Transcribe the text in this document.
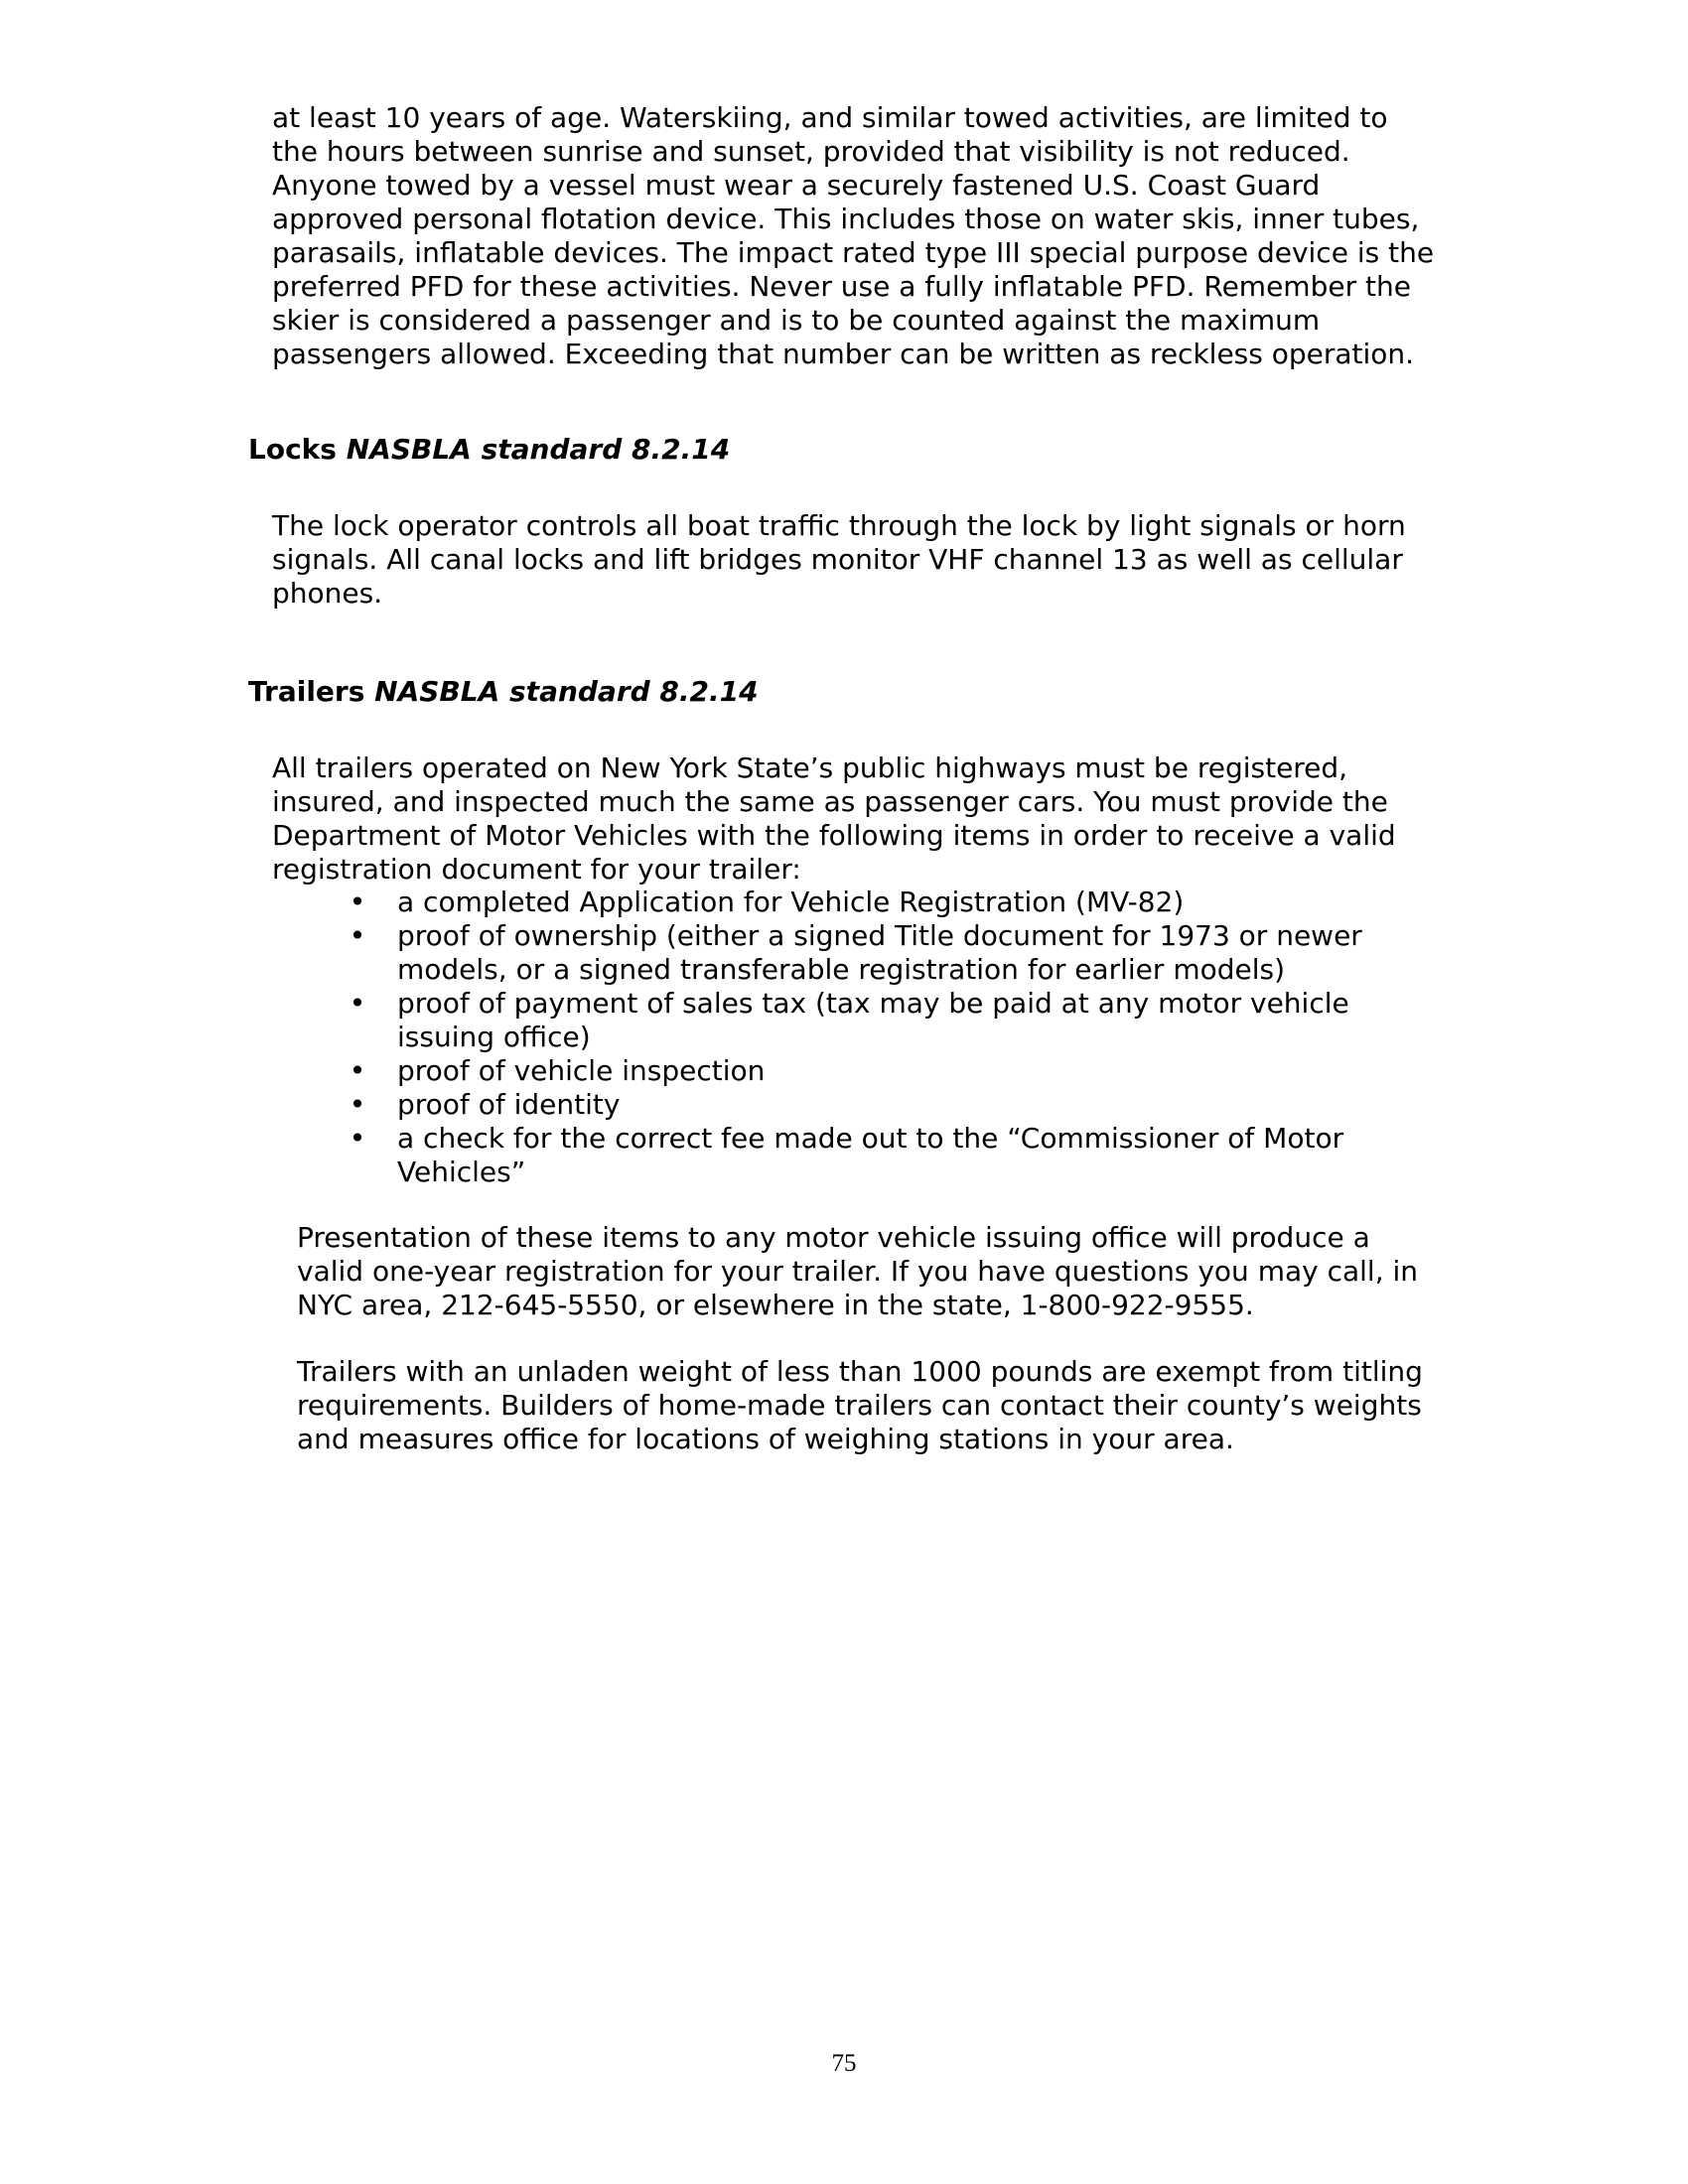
at least 10 years of age. Waterskiing, and similar towed activities, are limited to
the hours between sunrise and sunset, provided that visibility is not reduced.
Anyone towed by a vessel must wear a securely fastened U.S. Coast Guard
approved personal flotation device. This includes those on water skis, inner tubes,
parasails, inflatable devices. The impact rated type III special purpose device is the
preferred PFD for these activities. Never use a fully inflatable PFD. Remember the
skier is considered a passenger and is to be counted against the maximum
passengers allowed. Exceeding that number can be written as reckless operation.
Locks NASBLA standard 8.2.14
The lock operator controls all boat traffic through the lock by light signals or horn
signals. All canal locks and lift bridges monitor VHF channel 13 as well as cellular
phones.
Trailers NASBLA standard 8.2.14
All trailers operated on New York State’s public highways must be registered,
insured, and inspected much the same as passenger cars. You must provide the
Department of Motor Vehicles with the following items in order to receive a valid
registration document for your trailer:
• a completed Application for Vehicle Registration (MV-82)
• proof of ownership (either a signed Title document for 1973 or newer
models, or a signed transferable registration for earlier models)
• proof of payment of sales tax (tax may be paid at any motor vehicle
issuing office)
• proof of vehicle inspection
• proof of identity
• a check for the correct fee made out to the “Commissioner of Motor
Vehicles”
Presentation of these items to any motor vehicle issuing office will produce a
valid one-year registration for your trailer. If you have questions you may call, in
NYC area, 212-645-5550, or elsewhere in the state, 1-800-922-9555.
Trailers with an unladen weight of less than 1000 pounds are exempt from titling
requirements. Builders of home-made trailers can contact their county’s weights
and measures office for locations of weighing stations in your area.
75
